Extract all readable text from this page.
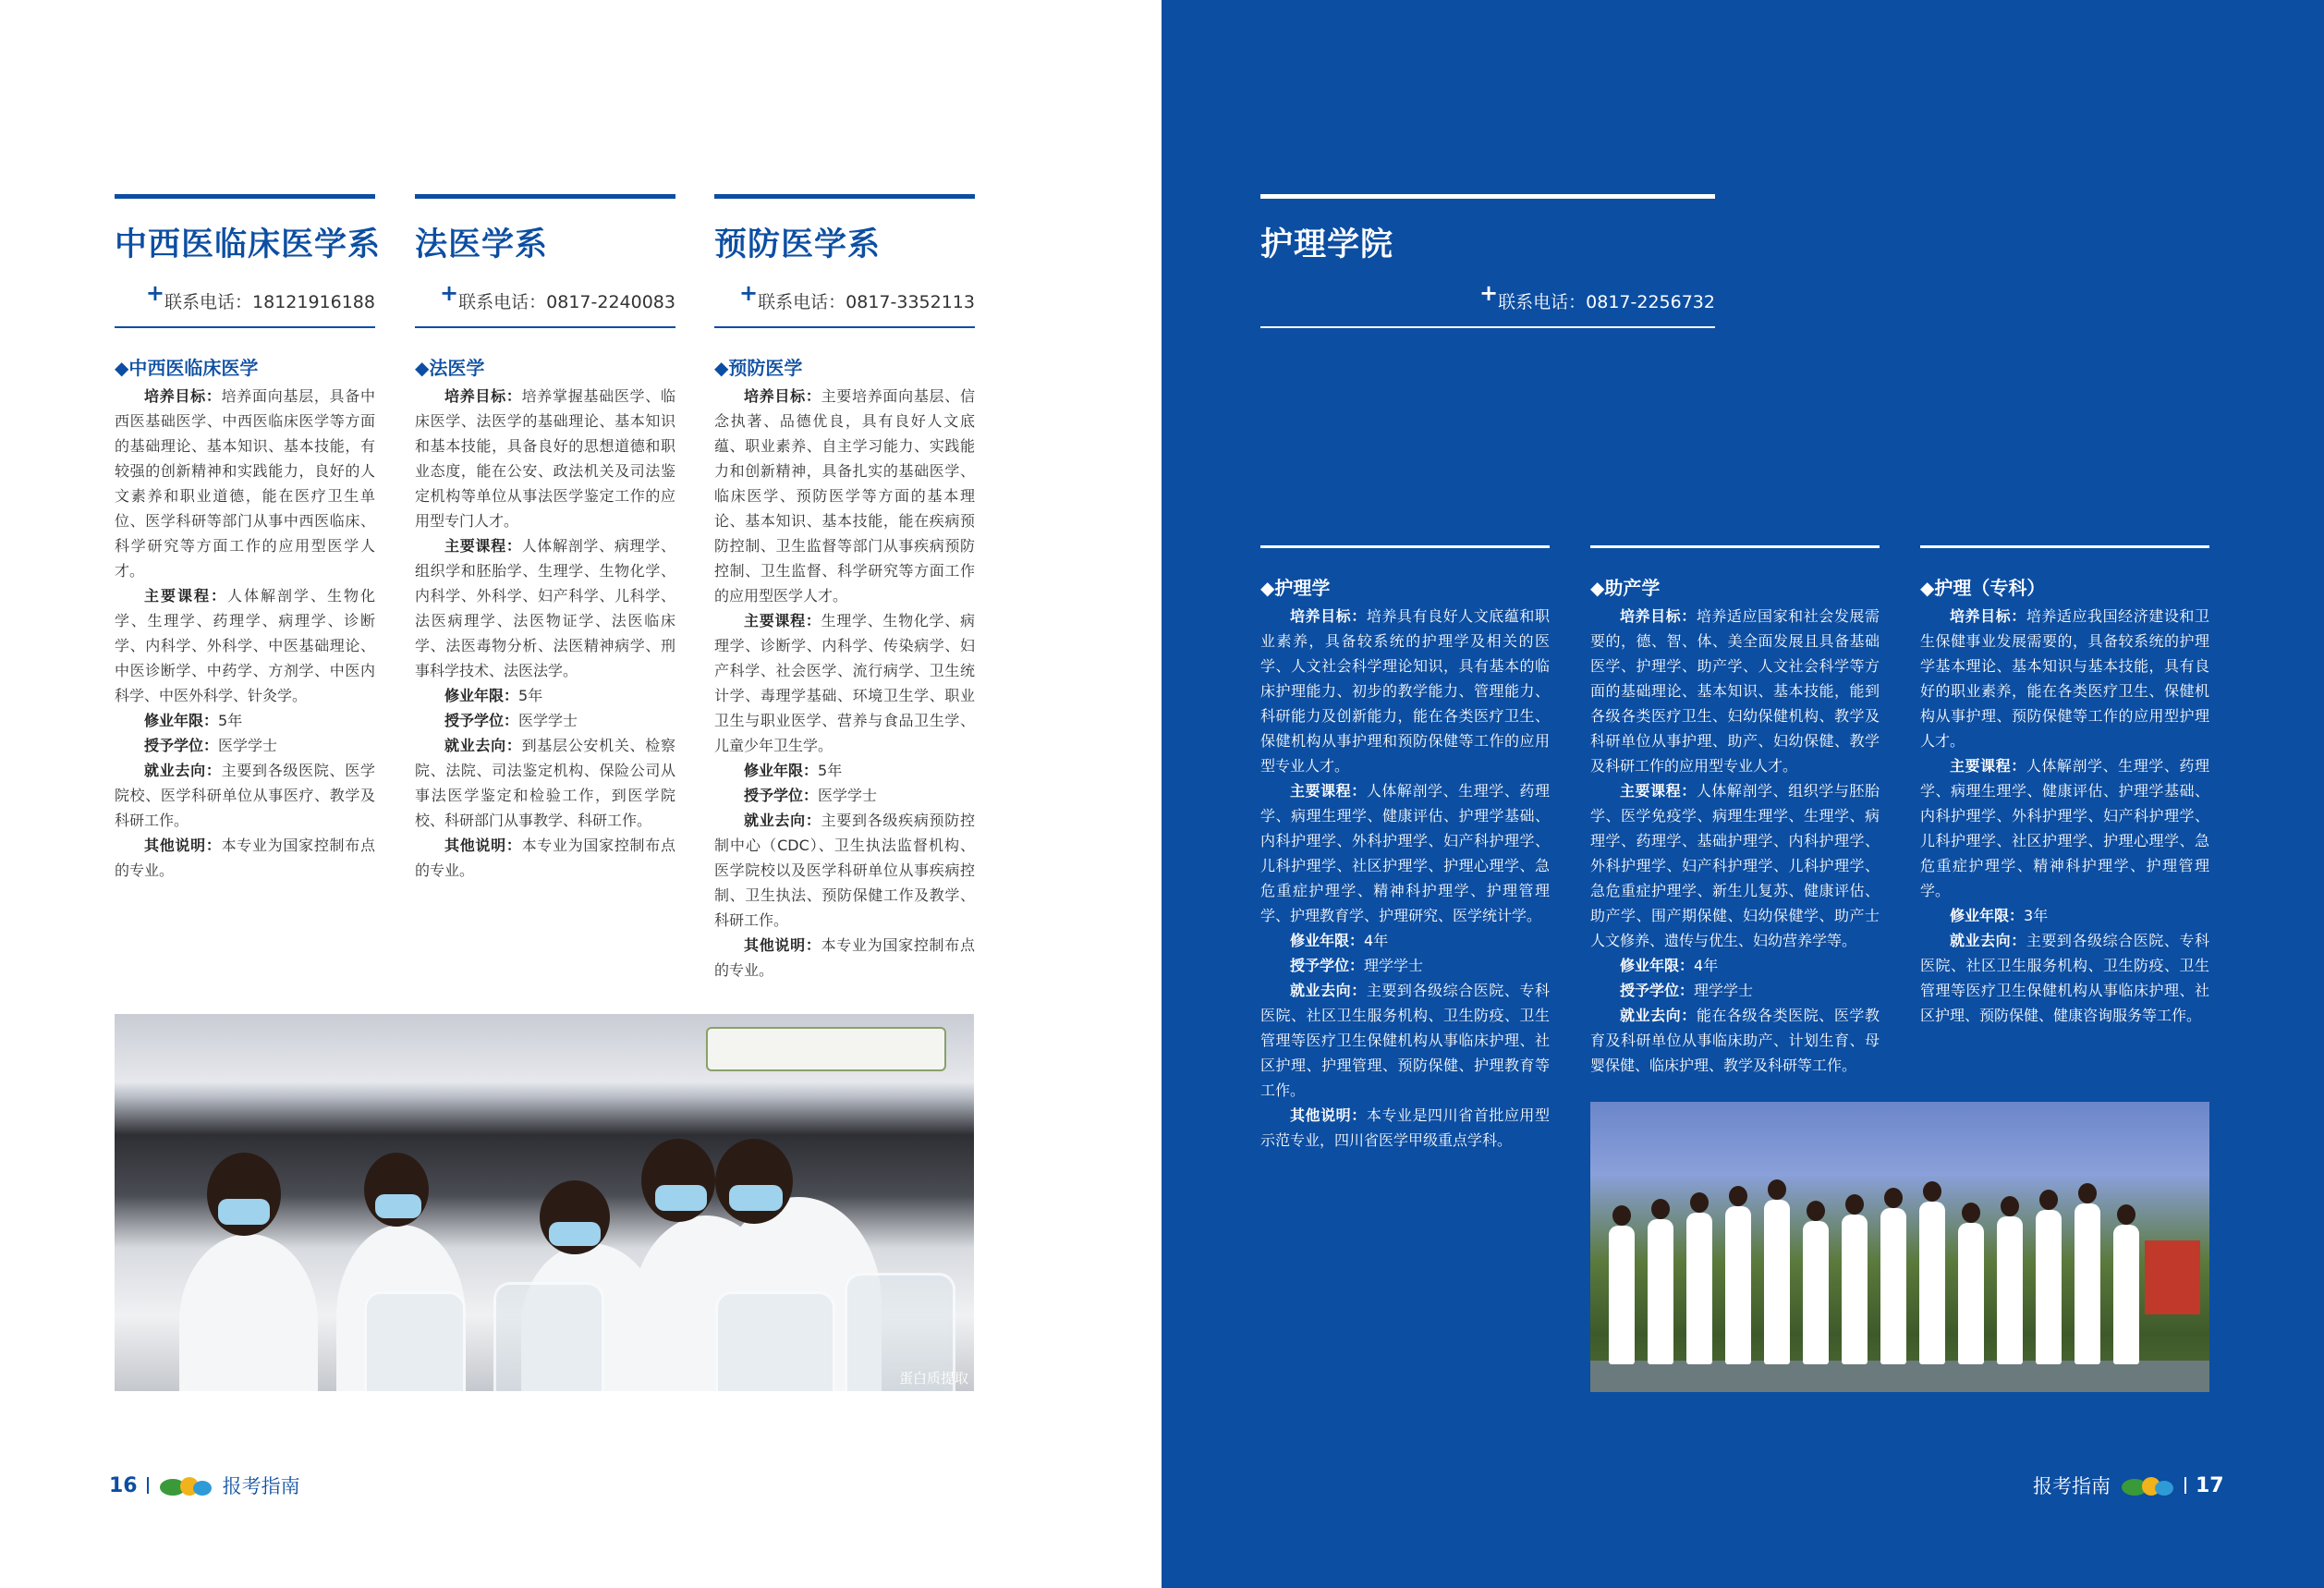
中西医临床医学系
+联系电话：18121916188
法医学系
+联系电话：0817-2240083
预防医学系
+联系电话：0817-3352113
◆中西医临床医学

培养目标：培养面向基层，具备中西医基础医学、中西医临床医学等方面的基础理论、基本知识、基本技能，有较强的创新精神和实践能力，良好的人文素养和职业道德，能在医疗卫生单位、医学科研等部门从事中西医临床、科学研究等方面工作的应用型医学人才。

主要课程：人体解剖学、生物化学、生理学、药理学、病理学、诊断学、内科学、外科学、中医基础理论、中医诊断学、中药学、方剂学、中医内科学、中医外科学、针灸学。

修业年限：5年

授予学位：医学学士

就业去向：主要到各级医院、医学院校、医学科研单位从事医疗、教学及科研工作。

其他说明：本专业为国家控制布点的专业。

◆法医学

培养目标：培养掌握基础医学、临床医学、法医学的基础理论、基本知识和基本技能，具备良好的思想道德和职业态度，能在公安、政法机关及司法鉴定机构等单位从事法医学鉴定工作的应用型专门人才。

主要课程：人体解剖学、病理学、组织学和胚胎学、生理学、生物化学、内科学、外科学、妇产科学、儿科学、法医病理学、法医物证学、法医临床学、法医毒物分析、法医精神病学、刑事科学技术、法医法学。

修业年限：5年

授予学位：医学学士

就业去向：到基层公安机关、检察院、法院、司法鉴定机构、保险公司从事法医学鉴定和检验工作，到医学院校、科研部门从事教学、科研工作。

其他说明：本专业为国家控制布点的专业。

◆预防医学

培养目标：主要培养面向基层、信念执著、品德优良，具有良好人文底蕴、职业素养、自主学习能力、实践能力和创新精神，具备扎实的基础医学、临床医学、预防医学等方面的基本理论、基本知识、基本技能，能在疾病预防控制、卫生监督等部门从事疾病预防控制、卫生监督、科学研究等方面工作的应用型医学人才。

主要课程：生理学、生物化学、病理学、诊断学、内科学、传染病学、妇产科学、社会医学、流行病学、卫生统计学、毒理学基础、环境卫生学、职业卫生与职业医学、营养与食品卫生学、儿童少年卫生学。

修业年限：5年

授予学位：医学学士

就业去向：主要到各级疾病预防控制中心（CDC）、卫生执法监督机构、医学院校以及医学科研单位从事疾病控制、卫生执法、预防保健工作及教学、科研工作。

其他说明：本专业为国家控制布点的专业。

蛋白质提取
16	报考指南
护理学院
+联系电话：0817-2256732
◆护理学

培养目标：培养具有良好人文底蕴和职业素养，具备较系统的护理学及相关的医学、人文社会科学理论知识，具有基本的临床护理能力、初步的教学能力、管理能力、科研能力及创新能力，能在各类医疗卫生、保健机构从事护理和预防保健等工作的应用型专业人才。

主要课程：人体解剖学、生理学、药理学、病理生理学、健康评估、护理学基础、内科护理学、外科护理学、妇产科护理学、儿科护理学、社区护理学、护理心理学、急危重症护理学、精神科护理学、护理管理学、护理教育学、护理研究、医学统计学。

修业年限：4年

授予学位：理学学士

就业去向：主要到各级综合医院、专科医院、社区卫生服务机构、卫生防疫、卫生管理等医疗卫生保健机构从事临床护理、社区护理、护理管理、预防保健、护理教育等工作。

其他说明：本专业是四川省首批应用型示范专业，四川省医学甲级重点学科。

◆助产学

培养目标：培养适应国家和社会发展需要的，德、智、体、美全面发展且具备基础医学、护理学、助产学、人文社会科学等方面的基础理论、基本知识、基本技能，能到各级各类医疗卫生、妇幼保健机构、教学及科研单位从事护理、助产、妇幼保健、教学及科研工作的应用型专业人才。

主要课程：人体解剖学、组织学与胚胎学、医学免疫学、病理生理学、生理学、病理学、药理学、基础护理学、内科护理学、外科护理学、妇产科护理学、儿科护理学、急危重症护理学、新生儿复苏、健康评估、助产学、围产期保健、妇幼保健学、助产士人文修养、遗传与优生、妇幼营养学等。

修业年限：4年

授予学位：理学学士

就业去向：能在各级各类医院、医学教育及科研单位从事临床助产、计划生育、母婴保健、临床护理、教学及科研等工作。

◆护理（专科）

培养目标：培养适应我国经济建设和卫生保健事业发展需要的，具备较系统的护理学基本理论、基本知识与基本技能，具有良好的职业素养，能在各类医疗卫生、保健机构从事护理、预防保健等工作的应用型护理人才。

主要课程：人体解剖学、生理学、药理学、病理生理学、健康评估、护理学基础、内科护理学、外科护理学、妇产科护理学、儿科护理学、社区护理学、护理心理学、急危重症护理学、精神科护理学、护理管理学。

修业年限：3年

就业去向：主要到各级综合医院、专科医院、社区卫生服务机构、卫生防疫、卫生管理等医疗卫生保健机构从事临床护理、社区护理、预防保健、健康咨询服务等工作。

报考指南	17
